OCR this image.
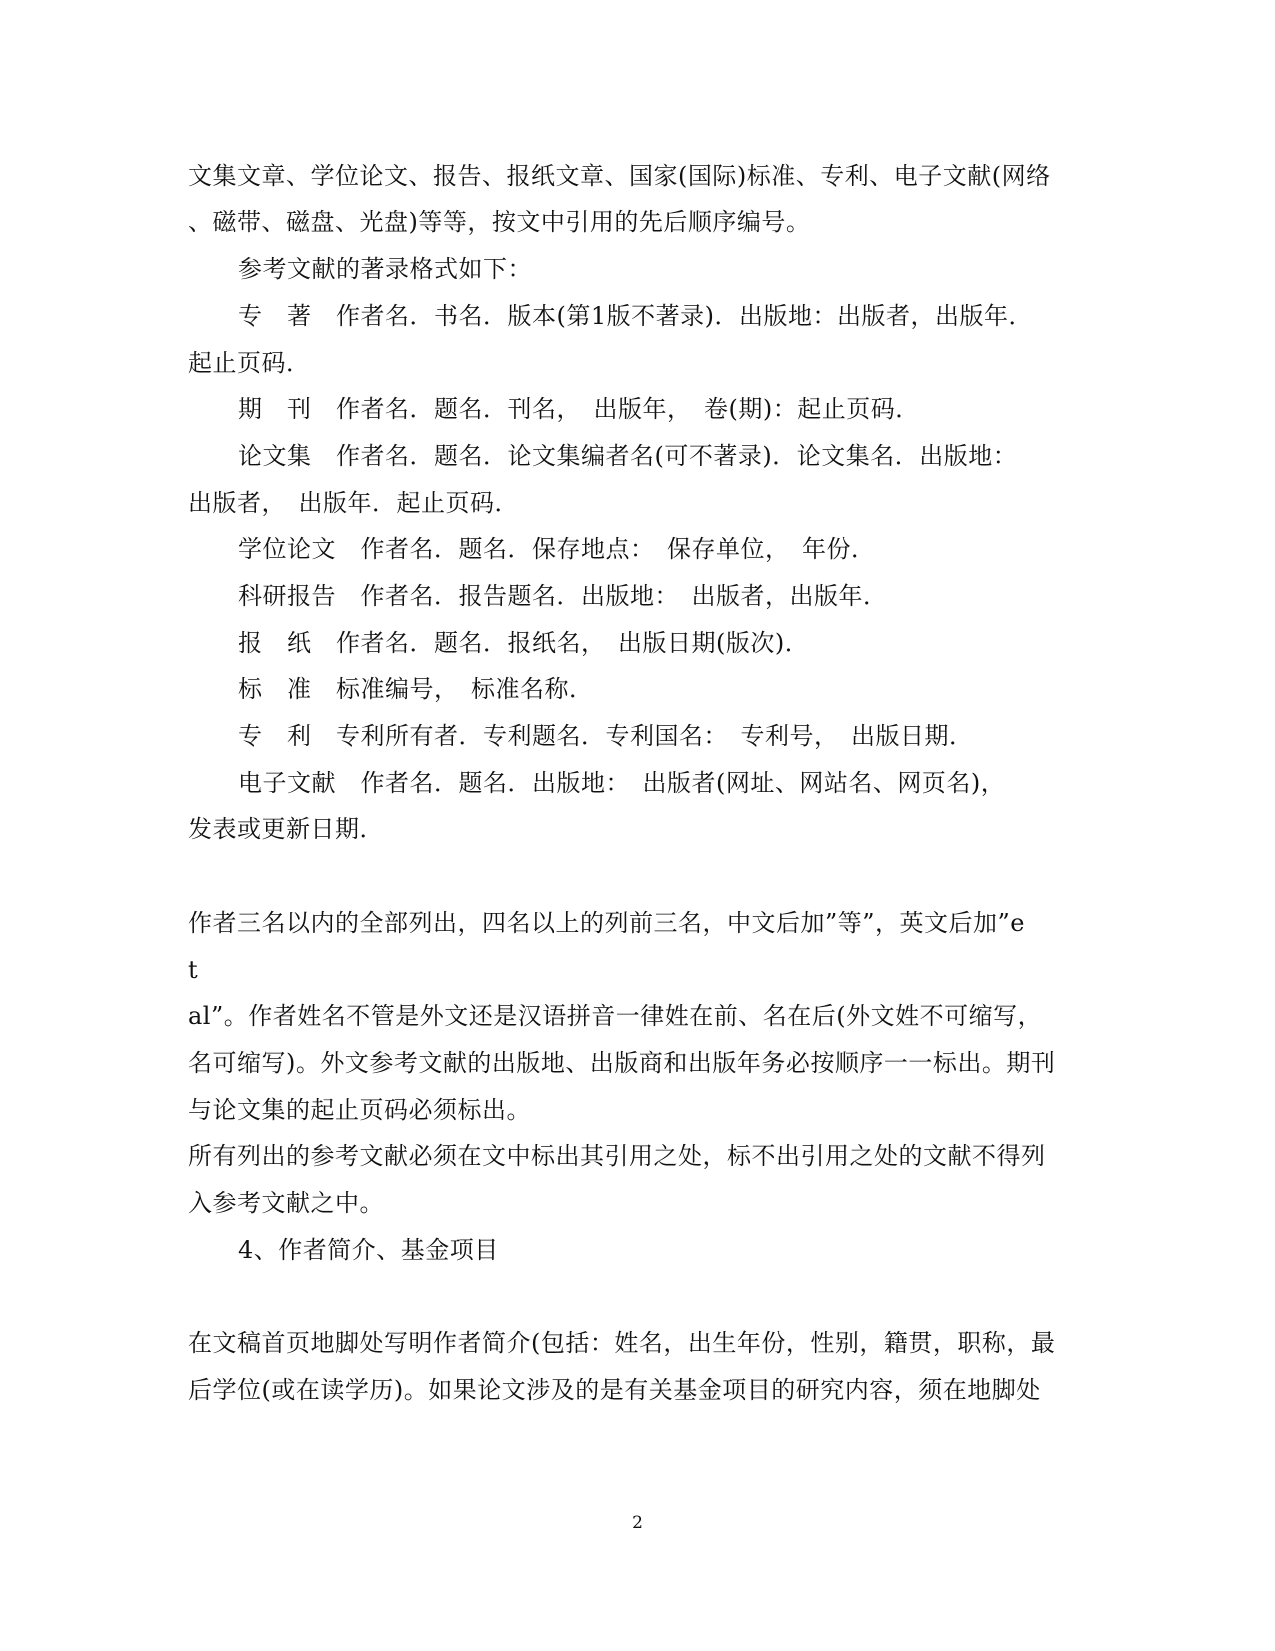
文集文章、学位论文、报告、报纸文章、国家(国际)标准、专利、电子文献(网络
、磁带、磁盘、光盘)等等，按文中引用的先后顺序编号。
参考文献的著录格式如下：
专　著　作者名．书名．版本(第1版不著录)．出版地：出版者，出版年．
起止页码．
期　刊　作者名．题名．刊名，　出版年，　卷(期)：起止页码．
论文集　作者名．题名．论文集编者名(可不著录)．论文集名．出版地：
出版者，　出版年．起止页码．
学位论文　作者名．题名．保存地点：　保存单位，　年份．
科研报告　作者名．报告题名．出版地：　出版者，出版年．
报　纸　作者名．题名．报纸名，　出版日期(版次)．
标　准　标准编号，　标准名称．
专　利　专利所有者．专利题名．专利国名：　专利号，　出版日期．
电子文献　作者名．题名．出版地：　出版者(网址、网站名、网页名)，
发表或更新日期．
作者三名以内的全部列出，四名以上的列前三名，中文后加”等”，英文后加”e
t
al”。作者姓名不管是外文还是汉语拼音一律姓在前、名在后(外文姓不可缩写，
名可缩写)。外文参考文献的出版地、出版商和出版年务必按顺序一一标出。期刊
与论文集的起止页码必须标出。
所有列出的参考文献必须在文中标出其引用之处，标不出引用之处的文献不得列
入参考文献之中。
4、作者简介、基金项目
在文稿首页地脚处写明作者简介(包括：姓名，出生年份，性别，籍贯，职称，最
后学位(或在读学历)。如果论文涉及的是有关基金项目的研究内容，须在地脚处
2
